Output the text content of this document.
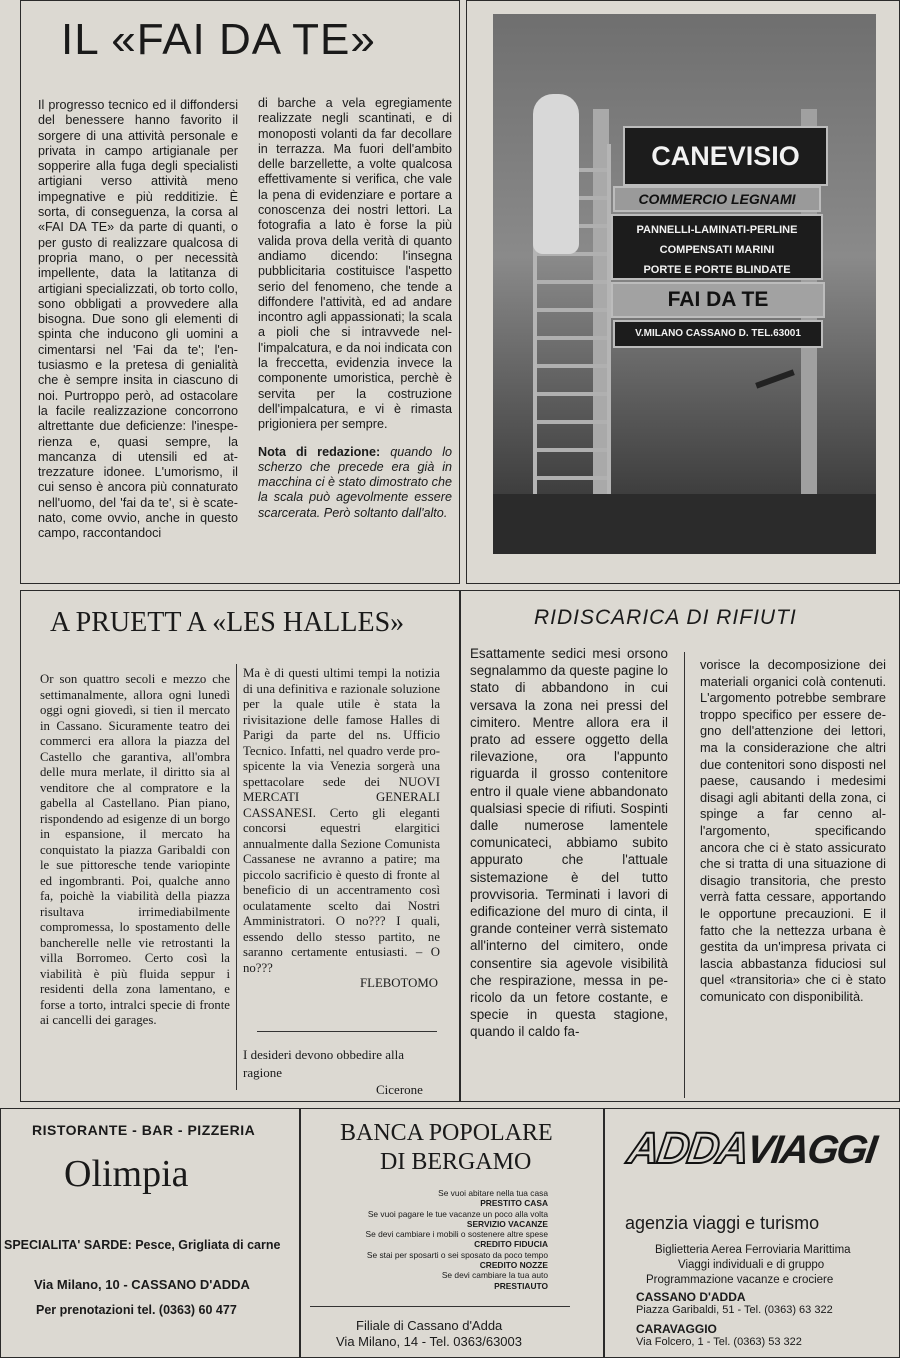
IL «FAI DA TE»
Il progresso tecnico ed il diffondersi del benessere hanno favorito il sorgere di una attività personale e privata in campo artigianale per sopperire alla fuga degli specialisti artigiani verso attività meno impegnative e più redditizie. È sorta, di conseguenza, la corsa al «FAI DA TE» da parte di quanti, o per gusto di realizzare qualcosa di propria mano, o per necessità impellente, data la latitanza di artigiani specializzati, ob torto collo, sono obbligati a provvedere alla bisogna. Due sono gli elementi di spinta che inducono gli uomini a cimentarsi nel 'Fai da te'; l'entusiasmo e la pretesa di genialità che è sempre insita in ciascuno di noi. Purtroppo però, ad ostacolare la facile realizzazione concorrono altrettante due deficienze: l'inesperienza e, quasi sempre, la mancanza di utensili ed attrezzature idonee. L'umorismo, il cui senso è ancora più connaturato nell'uomo, del 'fai da te', si è scatenato, come ovvio, anche in questo campo, raccontandoci
di barche a vela egregiamente realizzate negli scantinati, e di monoposti volanti da far decollare in terrazza. Ma fuori dell'ambito delle barzellette, a volte qualcosa effettivamente si verifica, che vale la pena di evidenziare e portare a conoscenza dei nostri lettori. La fotografia a lato è forse la più valida prova della verità di quanto andiamo dicendo: l'insegna pubblicitaria costituisce l'aspetto serio del fenomeno, che tende a diffondere l'attività, ed ad andare incontro agli appassionati; la scala a pioli che si intravvede nell'impalcatura, e da noi indicata con la freccetta, evidenzia invece la componente umoristica, perchè è servita per la costruzione dell'impalcatura, e vi è rimasta prigioniera per sempre.
Nota di redazione: quando lo scherzo che precede era già in macchina ci è stato dimostrato che la scala può agevolmente essere scarcerata. Però soltanto dall'alto.
CANEVISIO
COMMERCIO LEGNAMI
PANNELLI-LAMINATI-PERLINE
COMPENSATI MARINI
PORTE E PORTE BLINDATE
FAI DA TE
V.MILANO CASSANO D. TEL.63001
A PRUETT A «LES HALLES»
Or son quattro secoli e mezzo che settimanalmente, allora ogni lunedì oggi ogni giovedì, si tien il mercato in Cassano. Sicuramente teatro dei commerci era allora la piazza del Castello che garantiva, all'ombra delle mura merlate, il diritto sia al venditore che al compratore e la gabella al Castellano. Pian piano, rispondendo ad esigenze di un borgo in espansione, il mercato ha conquistato la piazza Garibaldi con le sue pittoresche tende variopinte ed ingombranti. Poi, qualche anno fa, poichè la viabilità della piazza risultava irrimediabilmente compromessa, lo spostamento delle bancherelle nelle vie retrostanti la villa Borromeo. Certo così la viabilità è più fluida seppur i residenti della zona lamentano, e forse a torto, intralci specie di fronte ai cancelli dei garages.
Ma è di questi ultimi tempi la notizia di una definitiva e razionale soluzione per la quale utile è stata la rivisitazione delle famose Halles di Parigi da parte del ns. Ufficio Tecnico. Infatti, nel quadro verde prospicente la via Venezia sorgerà una spettacolare sede dei NUOVI MERCATI GENERALI CASSANESI. Certo gli eleganti concorsi equestri elargitici annualmente dalla Sezione Comunista Cassanese ne avranno a patire; ma piccolo sacrificio è questo di fronte al beneficio di un accentramento così oculatamente scelto dai Nostri Amministratori. O no??? I quali, essendo dello stesso partito, ne saranno certamente entusiasti. – O no???
FLEBOTOMO
I desideri devono obbedire alla ragione
Cicerone
RIDISCARICA DI RIFIUTI
Esattamente sedici mesi orsono segnalammo da queste pagine lo stato di abbandono in cui versava la zona nei pressi del cimitero. Mentre allora era il prato ad essere oggetto della rilevazione, ora l'appunto riguarda il grosso contenitore entro il quale viene abbandonato qualsiasi specie di rifiuti. Sospinti dalle numerose lamentele comunicateci, abbiamo subito appurato che l'attuale sistemazione è del tutto provvisoria. Terminati i lavori di edificazione del muro di cinta, il grande conteiner verrà sistemato all'interno del cimitero, onde consentire sia agevole visibilità che respirazione, messa in pericolo da un fetore costante, e specie in questa stagione, quando il caldo fa-
vorisce la decomposizione dei materiali organici colà contenuti. L'argomento potrebbe sembrare troppo specifico per essere degno dell'attenzione dei lettori, ma la considerazione che altri due contenitori sono disposti nel paese, causando i medesimi disagi agli abitanti della zona, ci spinge a far cenno all'argomento, specificando ancora che ci è stato assicurato che si tratta di una situazione di disagio transitoria, che presto verrà fatta cessare, apportando le opportune precauzioni. E il fatto che la nettezza urbana è gestita da un'impresa privata ci lascia abbastanza fiduciosi sul quel «transitoria» che ci è stato comunicato con disponibilità.
RISTORANTE - BAR - PIZZERIA
Olimpia
SPECIALITA' SARDE: Pesce, Grigliata di carne
Via Milano, 10 - CASSANO D'ADDA
Per prenotazioni tel. (0363) 60 477
BANCA POPOLARE
DI BERGAMO
Se vuoi abitare nella tua casa
PRESTITO CASA
Se vuoi pagare le tue vacanze un poco alla volta
SERVIZIO VACANZE
Se devi cambiare i mobili o sostenere altre spese
CREDITO FIDUCIA
Se stai per sposarti o sei sposato da poco tempo
CREDITO NOZZE
Se devi cambiare la tua auto
PRESTIAUTO
Filiale di Cassano d'Adda
Via Milano, 14 - Tel. 0363/63003
ADDAVIAGGI
agenzia viaggi e turismo
Biglietteria Aerea Ferroviaria Marittima
Viaggi individuali e di gruppo
Programmazione vacanze e crociere
CASSANO D'ADDA
Piazza Garibaldi, 51 - Tel. (0363) 63 322
CARAVAGGIO
Via Folcero, 1 - Tel. (0363) 53 322
